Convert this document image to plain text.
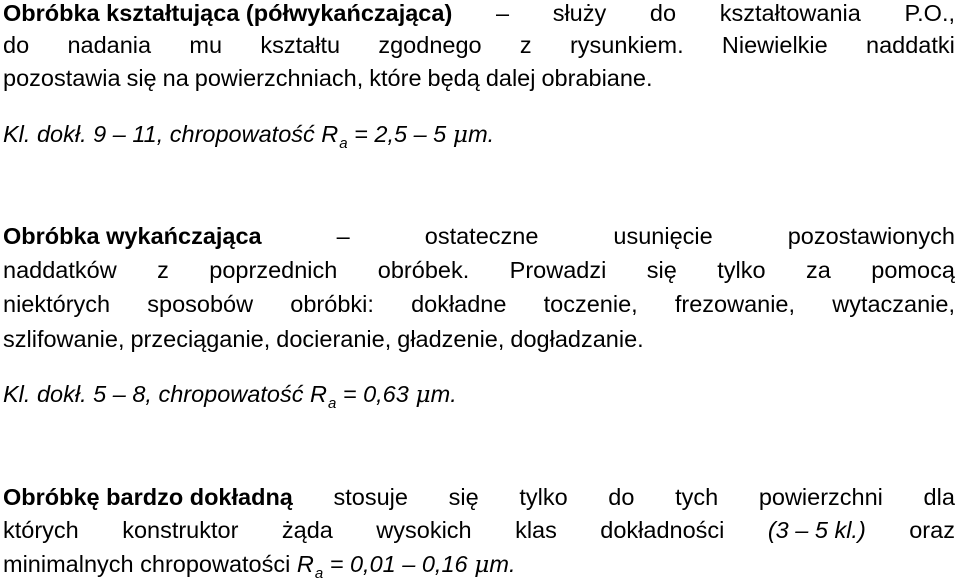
Obróbka kształtująca (półwykańczająca) – służy do kształtowania P.O.,
do nadania mu kształtu zgodnego z rysunkiem. Niewielkie naddatki
pozostawia się na powierzchniach, które będą dalej obrabiane.
Kl. dokł. 9 – 11, chropowatość $R_a = 2,5 - 5$ μm.
Obróbka wykańczająca	–	ostateczne	usunięcie	pozostawionych
naddatków z poprzednich obróbek. Prowadzi się tylko za pomocą
niektórych sposobów obróbki: dokładne toczenie, frezowanie, wytaczanie,
szlifowanie, przeciąganie, docieranie, gładzenie, dogładzanie.
Kl. dokł. 5 – 8, chropowatość $R_a = 0,63$ μm.
Obróbkę bardzo dokładną stosuje się tylko do tych powierzchni dla
których konstruktor żąda wysokich klas dokładności (3 – 5 kl.) oraz
minimalnych chropowatości $R_a = 0,01 - 0,16$ μm.
